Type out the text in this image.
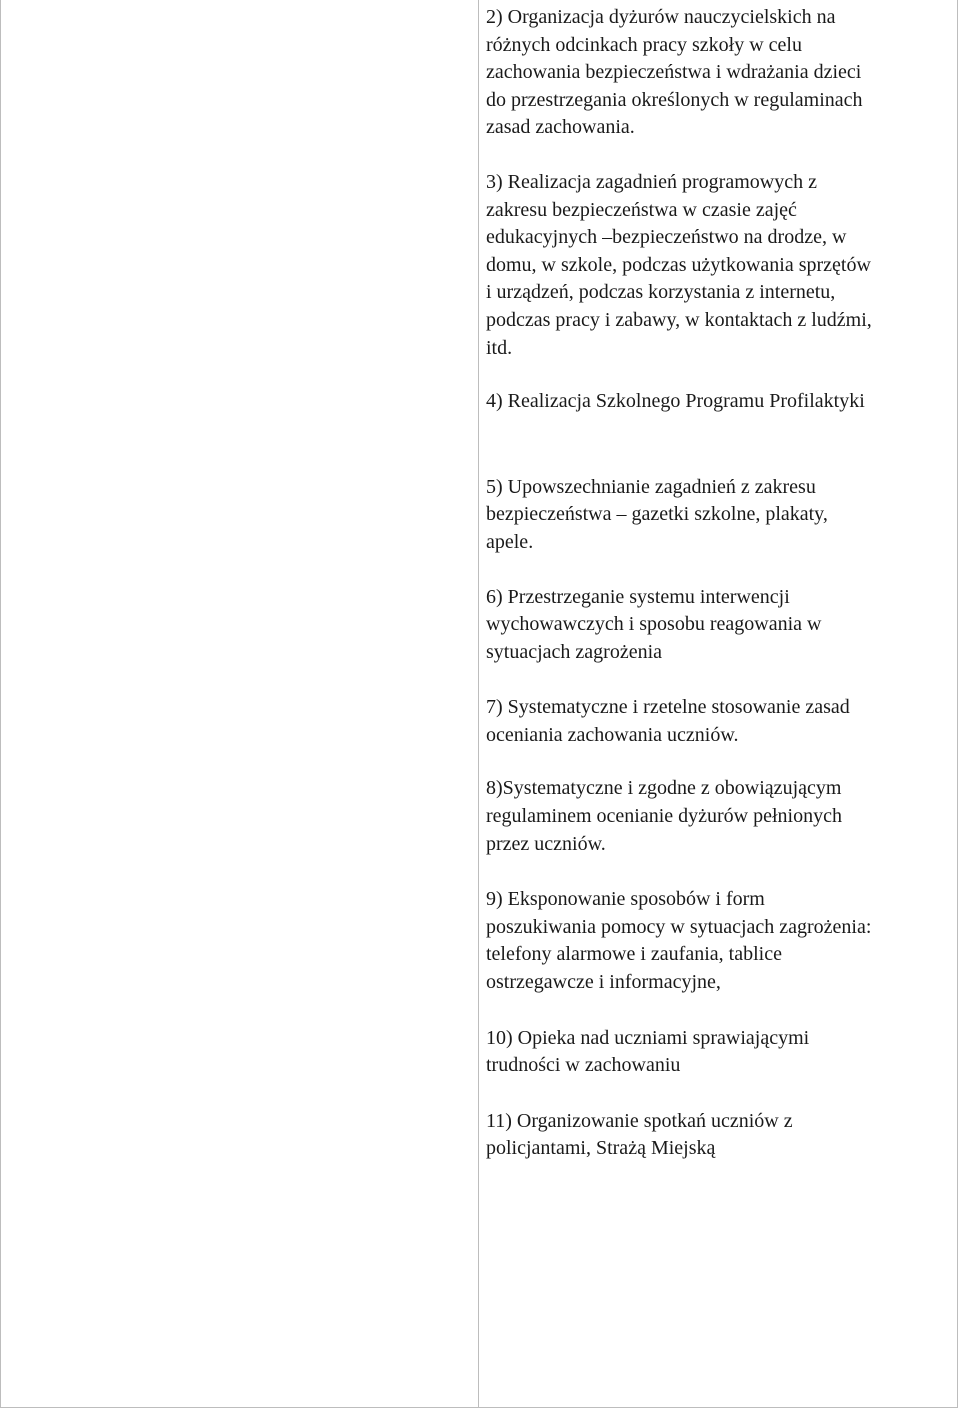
2) Organizacja dyżurów nauczycielskich na
różnych odcinkach pracy szkoły w celu
zachowania bezpieczeństwa i wdrażania dzieci
do przestrzegania określonych w regulaminach
zasad zachowania.

3) Realizacja zagadnień programowych z
zakresu bezpieczeństwa w czasie zajęć
edukacyjnych –bezpieczeństwo na drodze, w
domu, w szkole, podczas użytkowania sprzętów
i urządzeń, podczas korzystania z internetu,
podczas pracy i zabawy, w kontaktach z ludźmi,
itd.

4) Realizacja Szkolnego Programu Profilaktyki

5) Upowszechnianie zagadnień z zakresu
bezpieczeństwa – gazetki szkolne, plakaty,
apele.

6) Przestrzeganie systemu interwencji
wychowawczych i sposobu reagowania w
sytuacjach zagrożenia

7) Systematyczne i rzetelne stosowanie zasad
oceniania zachowania uczniów.

8)Systematyczne i zgodne z obowiązującym
regulaminem ocenianie dyżurów pełnionych
przez uczniów.

9) Eksponowanie sposobów i form
poszukiwania pomocy w sytuacjach zagrożenia:
telefony alarmowe i zaufania, tablice
ostrzegawcze i informacyjne,

10) Opieka nad uczniami sprawiającymi
trudności w zachowaniu

11) Organizowanie spotkań uczniów z
policjantami, Strażą Miejską
